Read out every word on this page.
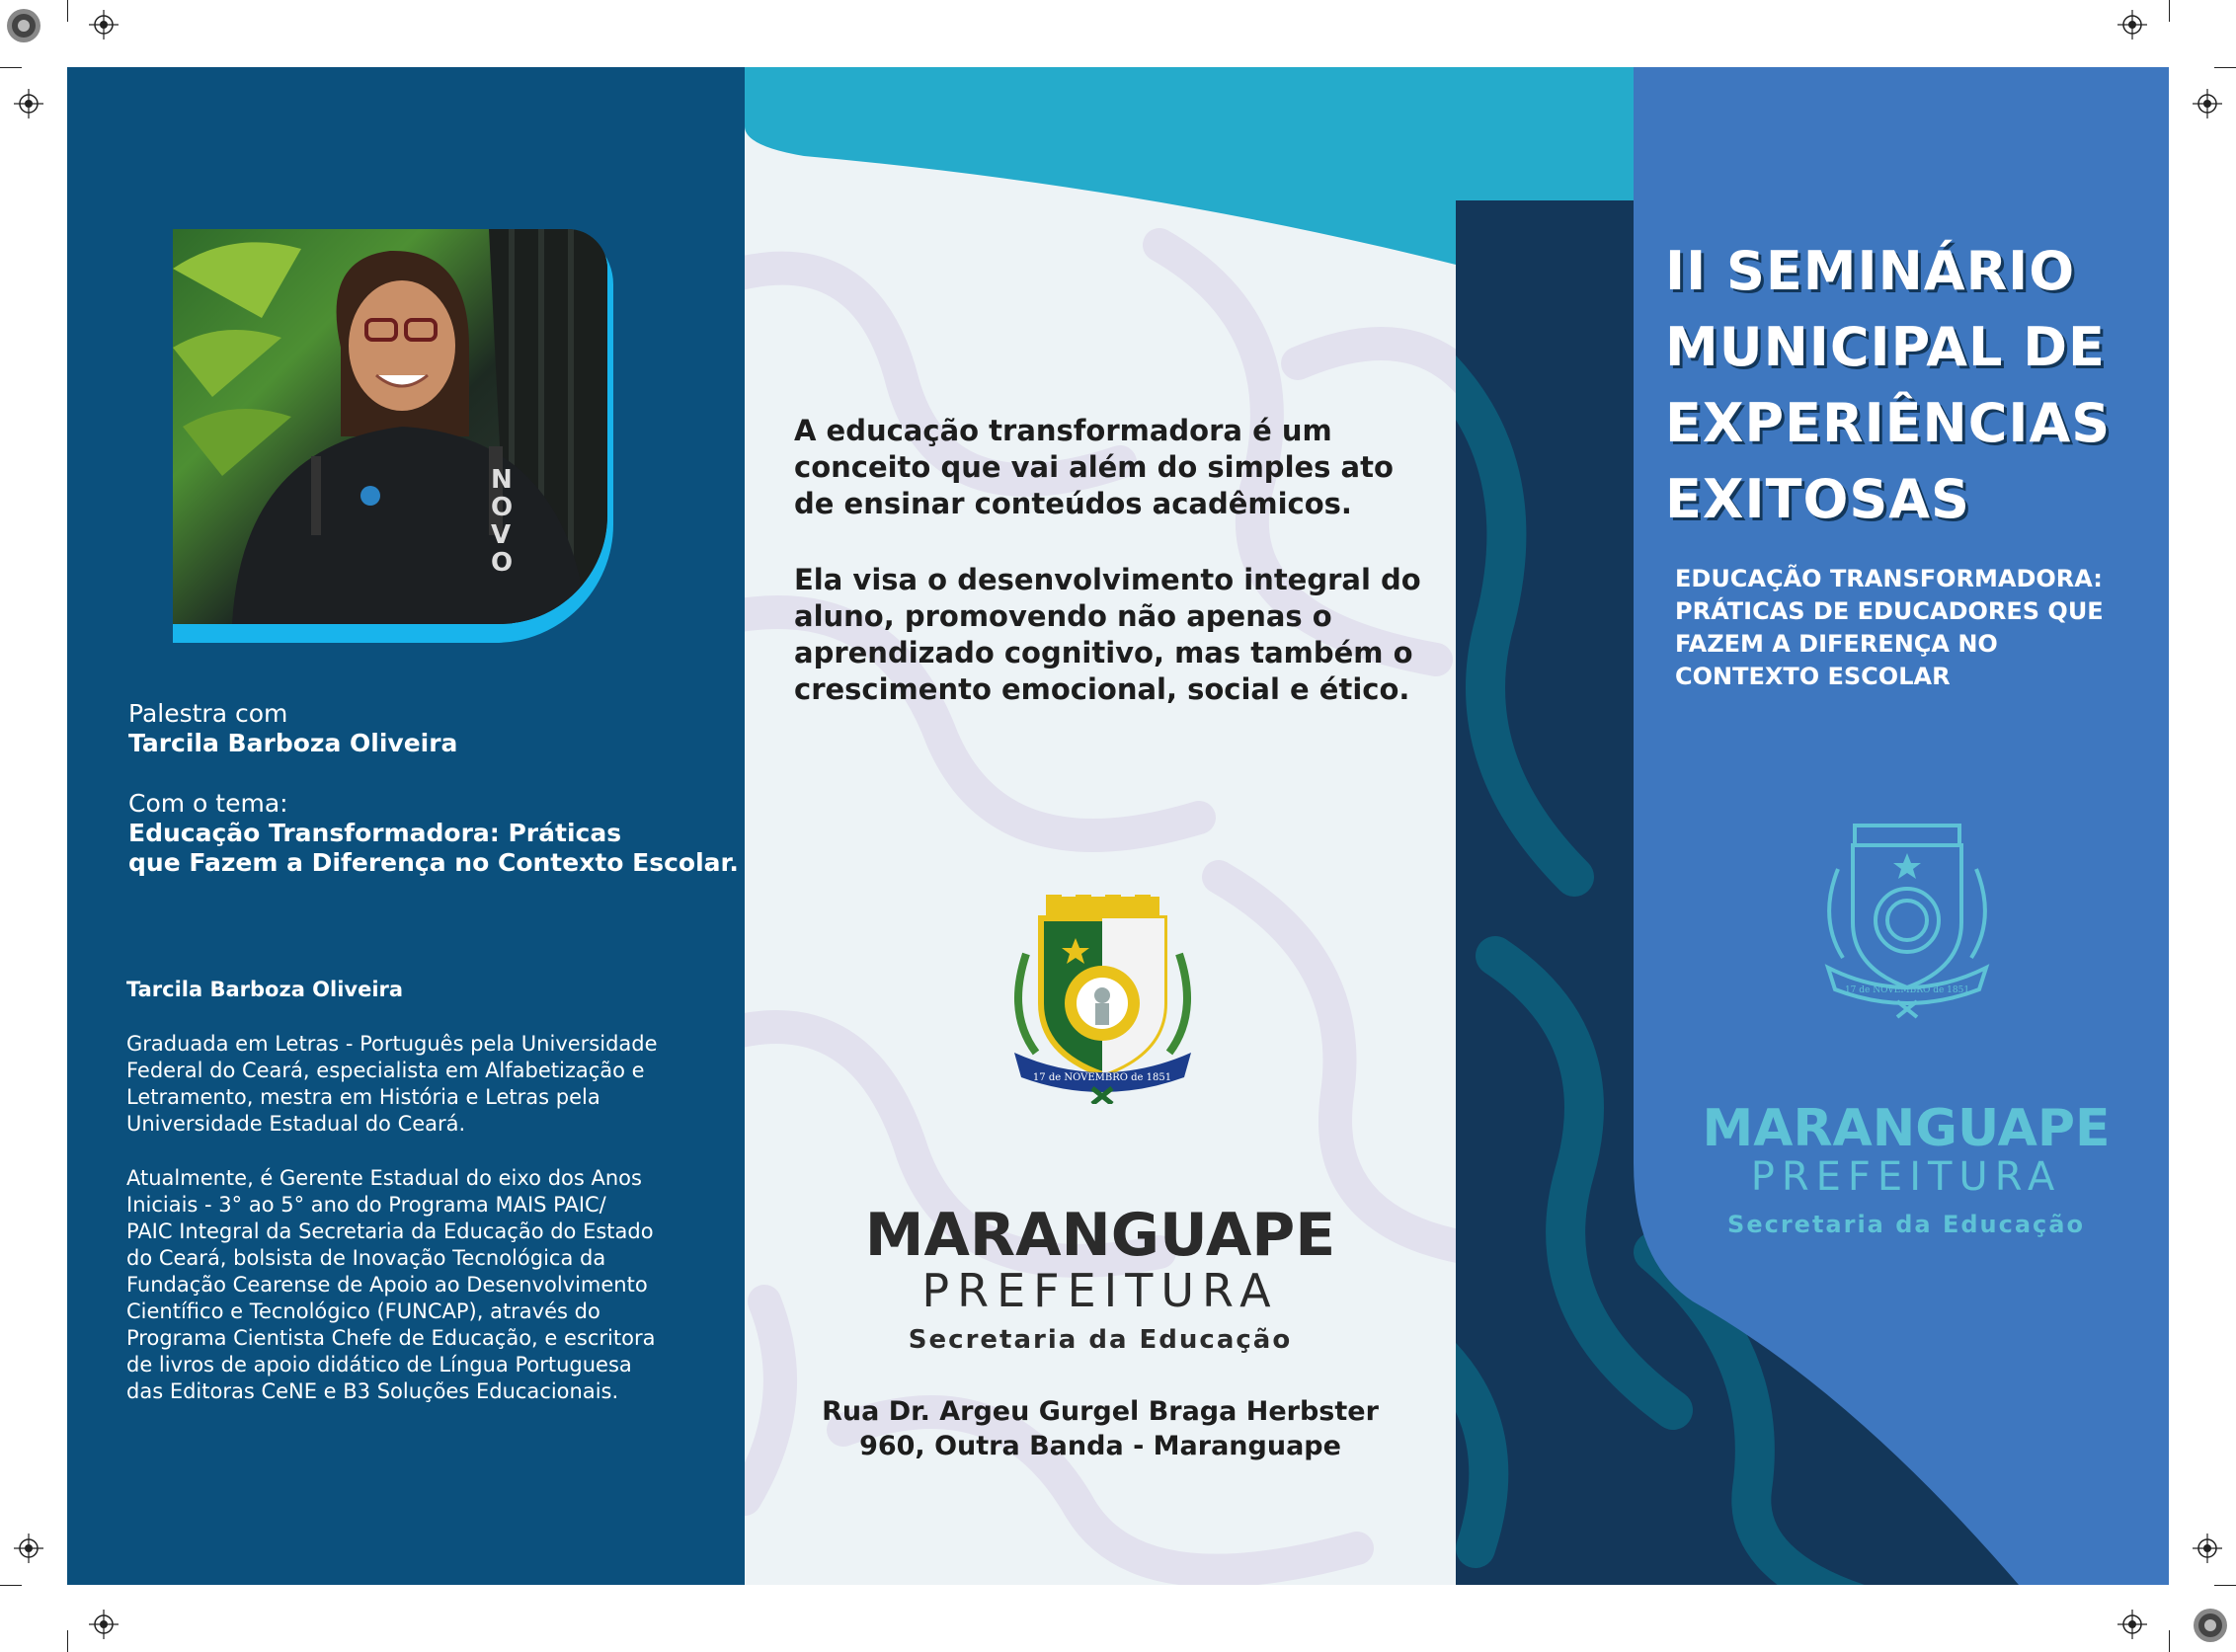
NO VO
Palestra com
Tarcila Barboza Oliveira
Com o tema:
Educação Transformadora: Práticas
que Fazem a Diferença no Contexto Escolar.
Tarcila Barboza Oliveira
Graduada em Letras - Português pela Universidade
Federal do Ceará, especialista em Alfabetização e
Letramento, mestra em História e Letras pela
Universidade Estadual do Ceará.
Atualmente, é Gerente Estadual do eixo dos Anos
Iniciais - 3° ao 5° ano do Programa MAIS PAIC/
PAIC Integral da Secretaria da Educação do Estado
do Ceará, bolsista de Inovação Tecnológica da
Fundação Cearense de Apoio ao Desenvolvimento
Científico e Tecnológico (FUNCAP), através do
Programa Cientista Chefe de Educação, e escritora
de livros de apoio didático de Língua Portuguesa
das Editoras CeNE e B3 Soluções Educacionais.
A educação transformadora é um
conceito que vai além do simples ato
de ensinar conteúdos acadêmicos.
Ela visa o desenvolvimento integral do
aluno, promovendo não apenas o
aprendizado cognitivo, mas também o
crescimento emocional, social e ético.
17 de NOVEMBRO de 1851
MARANGUAPE
PREFEITURA
Secretaria da Educação
Rua Dr. Argeu Gurgel Braga Herbster
960, Outra Banda - Maranguape
II SEMINÁRIO
MUNICIPAL DE
EXPERIÊNCIAS
EXITOSAS
EDUCAÇÃO TRANSFORMADORA:
PRÁTICAS DE EDUCADORES QUE
FAZEM A DIFERENÇA NO
CONTEXTO ESCOLAR
17 de NOVEMBRO de 1851
MARANGUAPE
PREFEITURA
Secretaria da Educação
